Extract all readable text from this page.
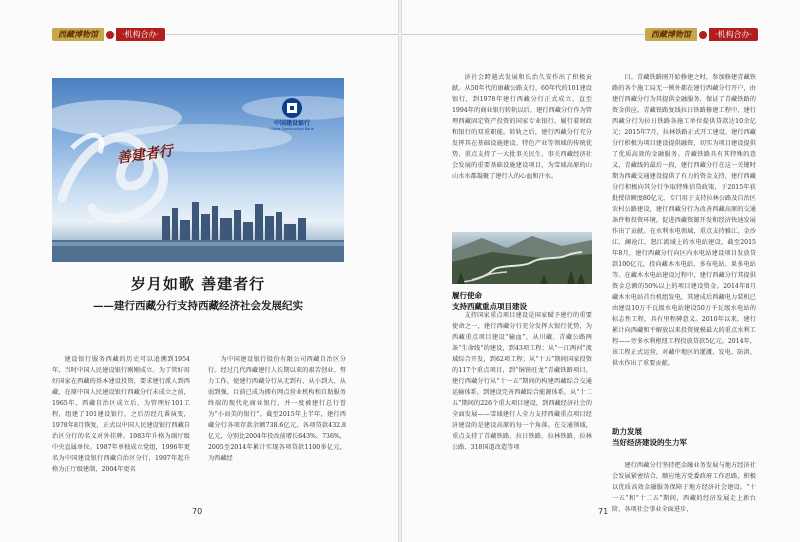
西藏博物馆	·机构合办·	西藏博物馆	·机构合办·
中国建设银行
China Construction Bank
善建者行
岁月如歌 善建者行
——建行西藏分行支持西藏经济社会发展纪实

建设银行服务西藏的历史可以追溯到1954年，当时中国人民建设银行刚刚成立。为了管好用好国家在西藏的基本建设投资，要求建行派人到西藏，在原中国人民建设银行西藏分行未成立之前，1965年，西藏自治区成立后，为管理好101工程，组建了101建设银行，之后历经几番演变，1978年8月恢复，正式以中国人民建设银行西藏自治区分行的名义对外挂牌。1983年升格为副厅级中央直属单位。1987年单独成立党组，1996年更名为中国建设银行西藏自治区分行，1997年起升格为正厅级建制，2004年更名

为中国建设银行股份有限公司西藏自治区分行。经过几代西藏建行人长期以来的艰苦创业、努力工作，使建行西藏分行从无到有、从小到大、从弱到强，目前已成为拥有网点营业机构和自助服务终端的现代化商业银行，并一度被建行总行誉为“小而美的银行”。截至2015年上半年，建行西藏分行各项存款余额738.6亿元，各项贷款432.8亿元，分别比2004年投改前增长643%、736%，2005至2014年累计实现各项贷款1100多亿元，为西藏经

70

济社会跨越式发展和长治久安作出了积极贡献。从50年代的康藏公路支行、60年代的101建设银行，到1978年建行西藏分行正式成立，直至1994年的商业银行转轨以后，建行西藏分行作为管理西藏固定资产投资的国家专业银行，履行着财政和银行的双重职能。转轨之后，建行西藏分行充分发挥其在基础设施建设、特色产业等领域的传统优势，重点支持了一大批事关民生、事关西藏经济社会发展的重要基础设施建设项目，为雪域高原的山山水水都凝聚了建行人的心血和汗水。

履行使命
支持西藏重点项目建设

支持国家重点项目建设是国家赋予建行的重要使命之一，建行西藏分行充分发挥大银行优势，为西藏重点项目建设“输血”，从川藏、青藏公路两条“生命线”的建设，到43项工程；从“一江两河”流域综合开发，到62项工程；从“十五”期间国家投资的117个重点项目，到“铜铁旺龙”青藏铁路项目，建行西藏分行从“十一五”期间的构建西藏综合交通运输体系，到建设完善西藏综合能源体系，从“十二五”期间的226个重大项目建设，到西藏经济社会的全面发展——雪域建行人全力支持西藏重点项目经济建设的是建设高原的每一个角落。在交通领域，重点支持了青藏铁路、拉日铁路、拉林铁路、拉林公路、318国道改造等项

目。青藏铁路刚开始修建之时，参加修建青藏铁路的各个施工局无一例外都在建行西藏分行开户，由建行西藏分行为其提供金融服务，保证了青藏铁路的资金供应。青藏铁路复线拉日铁路修建工程中，建行西藏分行为拉日铁路各施工单位提供贷款达10余亿元；2015年7月，拉林铁路正式开工建设，建行西藏分行积极为项目建设提供融资，切实为项目建设提供了优质高效的金融服务。青藏铁路具有其特殊的意义，青藏线的最后一段，建行西藏分行在这一关键时期为西藏交通建设提供了有力的资金支持，建行西藏分行积极向其分行争取特殊信贷政策，于2015年获批授信额度80亿元，专门用于支持拉林公路及自治区农村公路建设，建行西藏分行为改善西藏高原的交通条件和投资环境，促进西藏资源开发和经济快速发展作出了贡献。在水利水电领域，重点支持雅江、金沙江、澜沧江、怒江流域上的水电站建设，截至2015年8月，建行西藏分行向区内水电站建设项目发放贷款100亿元，投向藏木水电站、多布电站、果多电站等。在藏木水电站建设过程中，建行西藏分行其提供资金总额的50%以上的项目建设资金。2014年8月藏木水电站首台机组发电，其建成后西藏电力装机已由建设10万千瓦级水电站建设50万千瓦级水电站的标志性工程，具有里程碑意义。2010年以来，建行累计向西藏和平解放以来投资规模最大的重点水利工程——旁多水利枢纽工程投放贷款5亿元。2014年，该工程正式运营，对藏中地区的灌溉、发电、防洪、供水作出了重要贡献。

助力发展
当好经济建设的生力军

建行西藏分行坚持把金融业务发展与地方经济社会发展紧密结合，顺应地方党委政府工作思路，积极以优质高效金融服务保障于地方经济社会建设。“十一五”和“十二五”期间，西藏的经济发展走上新台阶，各项社会事业全面进步，

71
